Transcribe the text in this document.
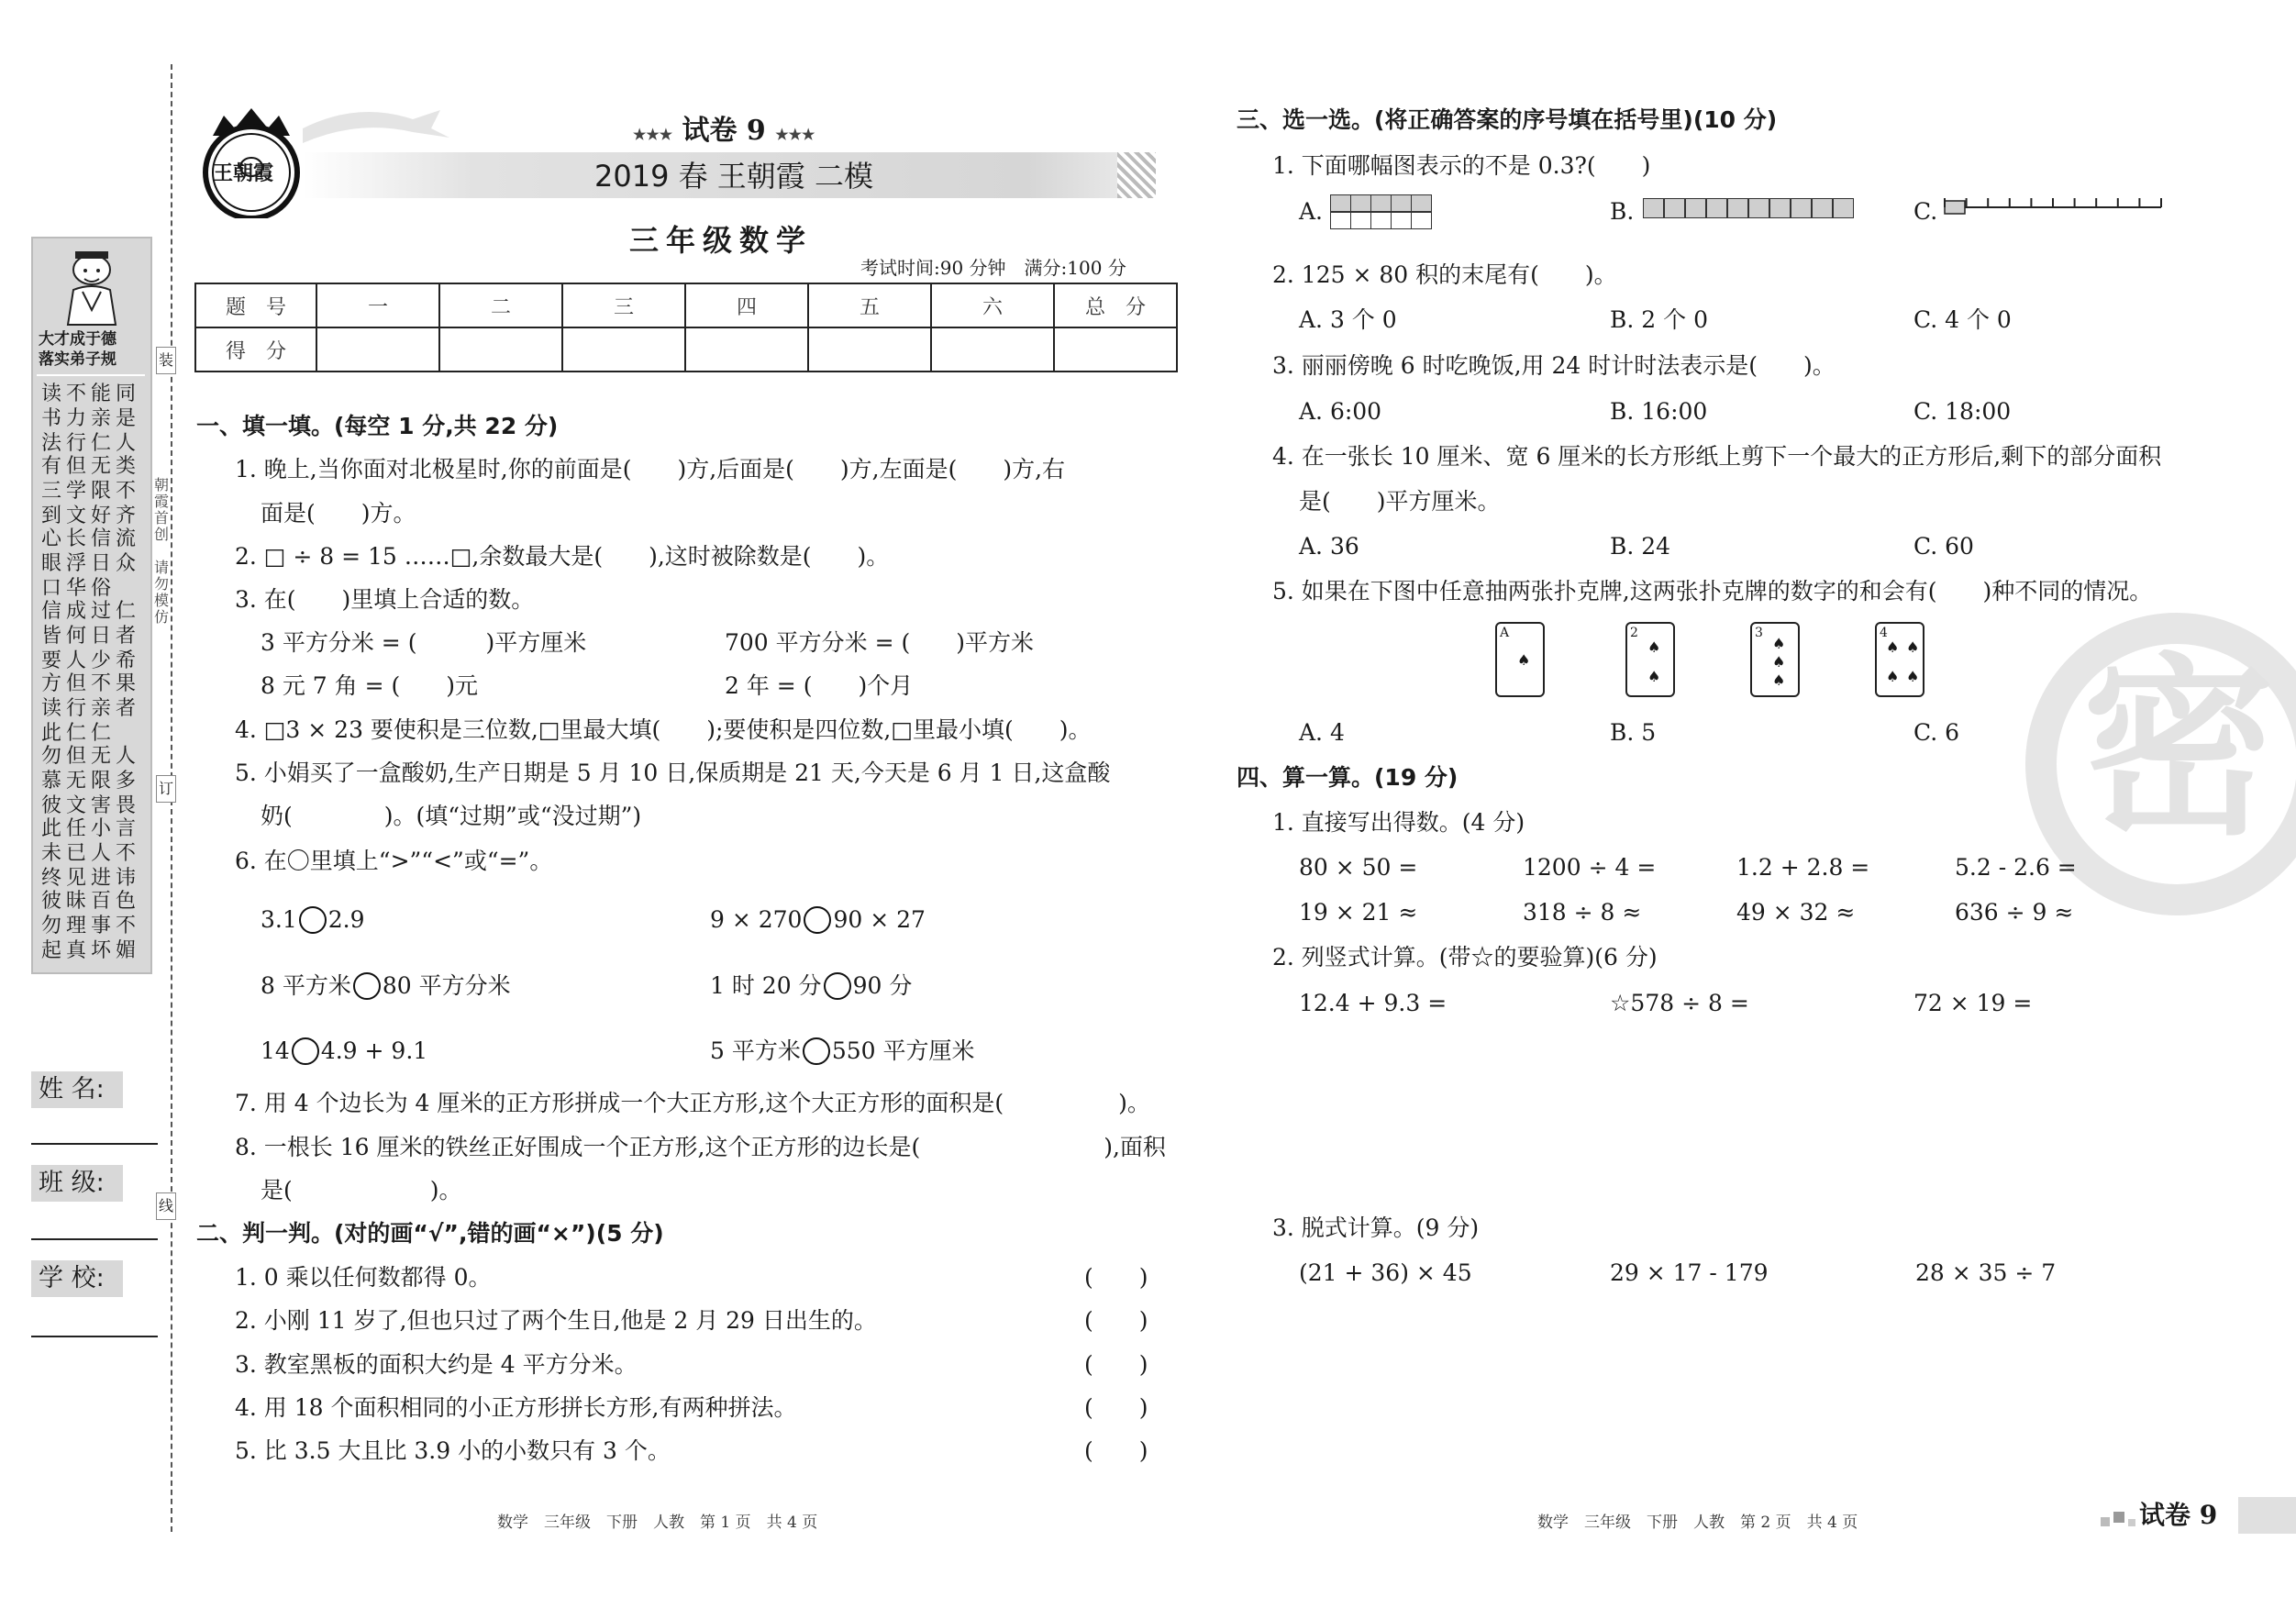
大才成于德
落实弟子规
读书法
不力行
能亲仁
同是人
有三到
但学文
无限好
类不齐
心眼口
长浮华
信日俗
流众
信皆要
成何人
过日少
仁者希
方读此
但行仁
不亲仁
果者
勿慕彼
但无文
无限害
人多畏
此未终
任已见
小人进
言不讳
彼勿起
昧理真
百事坏
色不媚
装
朝霞首创
请勿模仿
订
线
姓 名:
班 级:
学 校:
王朝霞
★★★ 试卷 9 ★★★
2019 春 王朝霞 二模
三年级数学
考试时间:90 分钟　满分:100 分
题　号	一	二	三	四	五	六	总　分
得　分							
一、填一填。(每空 1 分,共 22 分)
1. 晚上,当你面对北极星时,你的前面是(　　)方,后面是(　　)方,左面是(　　)方,右
面是(　　)方。
2. □ ÷ 8 = 15 ……□,余数最大是(　　),这时被除数是(　　)。
3. 在(　　)里填上合适的数。
3 平方分米 = (　　　)平方厘米	700 平方分米 = (　　)平方米
8 元 7 角 = (　　)元	2 年 = (　　)个月
4. □3 × 23 要使积是三位数,□里最大填(　　);要使积是四位数,□里最小填(　　)。
5. 小娟买了一盒酸奶,生产日期是 5 月 10 日,保质期是 21 天,今天是 6 月 1 日,这盒酸
奶(　　　　)。(填“过期”或“没过期”)
6. 在〇里填上“>”“<”或“=”。
3.1 2.9	9 × 270 90 × 27
8 平方米 80 平方分米	1 时 20 分 90 分
14 4.9 + 9.1	5 平方米 550 平方厘米
7. 用 4 个边长为 4 厘米的正方形拼成一个大正方形,这个大正方形的面积是(　　　　　)。
8. 一根长 16 厘米的铁丝正好围成一个正方形,这个正方形的边长是(　　　　　　　　),面积
是(　　　　　　)。
二、判一判。(对的画“√”,错的画“×”)(5 分)
1. 0 乘以任何数都得 0。	(　　)
2. 小刚 11 岁了,但也只过了两个生日,他是 2 月 29 日出生的。	(　　)
3. 教室黑板的面积大约是 4 平方分米。	(　　)
4. 用 18 个面积相同的小正方形拼长方形,有两种拼法。	(　　)
5. 比 3.5 大且比 3.9 小的小数只有 3 个。	(　　)
数学　三年级　下册　人教　第 1 页　共 4 页
密
三、选一选。(将正确答案的序号填在括号里)(10 分)
1. 下面哪幅图表示的不是 0.3?(　　)
A.	B.	C.
2. 125 × 80 积的末尾有(　　)。
A. 3 个 0	B. 2 个 0	C. 4 个 0
3. 丽丽傍晚 6 时吃晚饭,用 24 时计时法表示是(　　)。
A. 6:00	B. 16:00	C. 18:00
4. 在一张长 10 厘米、宽 6 厘米的长方形纸上剪下一个最大的正方形后,剩下的部分面积
是(　　)平方厘米。
A. 36	B. 24	C. 60
5. 如果在下图中任意抽两张扑克牌,这两张扑克牌的数字的和会有(　　)种不同的情况。
A
♠
2
♠
♠
3
♠
♠
♠
4
♠ ♠
♠ ♠
A. 4	B. 5	C. 6
四、算一算。(19 分)
1. 直接写出得数。(4 分)
80 × 50 =	1200 ÷ 4 =	1.2 + 2.8 =	5.2 - 2.6 =
19 × 21 ≈	318 ÷ 8 ≈	49 × 32 ≈	636 ÷ 9 ≈
2. 列竖式计算。(带☆的要验算)(6 分)
12.4 + 9.3 =	☆578 ÷ 8 =	72 × 19 =
3. 脱式计算。(9 分)
(21 + 36) × 45	29 × 17 - 179	28 × 35 ÷ 7
数学　三年级　下册　人教　第 2 页　共 4 页	试卷 9
